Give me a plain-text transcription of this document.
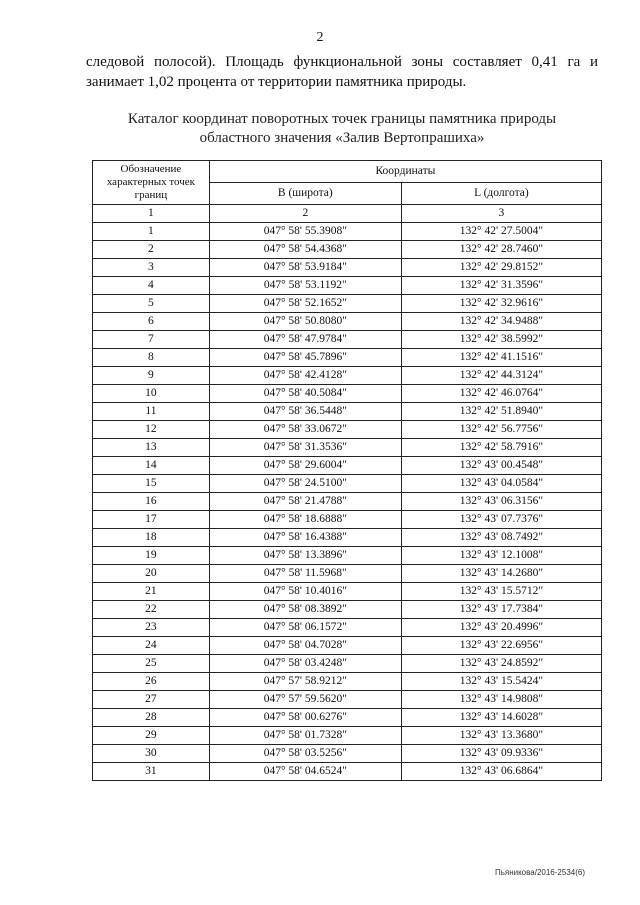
2

следовой полосой). Площадь функциональной зоны составляет 0,41 га и занимает 1,02 процента от территории памятника природы.

Каталог координат поворотных точек границы памятника природы
областного значения «Залив Вертопрашиха»
Обозначение характерных точек границ	Координаты	
	В (широта)	L (долгота)
1	2	3
1	047° 58' 55.3908"	132° 42' 27.5004"
2	047° 58' 54.4368"	132° 42' 28.7460"
3	047° 58' 53.9184"	132° 42' 29.8152"
4	047° 58' 53.1192"	132° 42' 31.3596"
5	047° 58' 52.1652"	132° 42' 32.9616"
6	047° 58' 50.8080"	132° 42' 34.9488"
7	047° 58' 47.9784"	132° 42' 38.5992"
8	047° 58' 45.7896"	132° 42' 41.1516"
9	047° 58' 42.4128"	132° 42' 44.3124"
10	047° 58' 40.5084"	132° 42' 46.0764"
11	047° 58' 36.5448"	132° 42' 51.8940"
12	047° 58' 33.0672"	132° 42' 56.7756"
13	047° 58' 31.3536"	132° 42' 58.7916"
14	047° 58' 29.6004"	132° 43' 00.4548"
15	047° 58' 24.5100"	132° 43' 04.0584"
16	047° 58' 21.4788"	132° 43' 06.3156"
17	047° 58' 18.6888"	132° 43' 07.7376"
18	047° 58' 16.4388"	132° 43' 08.7492"
19	047° 58' 13.3896"	132° 43' 12.1008"
20	047° 58' 11.5968"	132° 43' 14.2680"
21	047° 58' 10.4016"	132° 43' 15.5712"
22	047° 58' 08.3892"	132° 43' 17.7384"
23	047° 58' 06.1572"	132° 43' 20.4996"
24	047° 58' 04.7028"	132° 43' 22.6956"
25	047° 58' 03.4248"	132° 43' 24.8592"
26	047° 57' 58.9212"	132° 43' 15.5424"
27	047° 57' 59.5620"	132° 43' 14.9808"
28	047° 58' 00.6276"	132° 43' 14.6028"
29	047° 58' 01.7328"	132° 43' 13.3680"
30	047° 58' 03.5256"	132° 43' 09.9336"
31	047° 58' 04.6524"	132° 43' 06.6864"
Пьяникова/2016-2534(6)
